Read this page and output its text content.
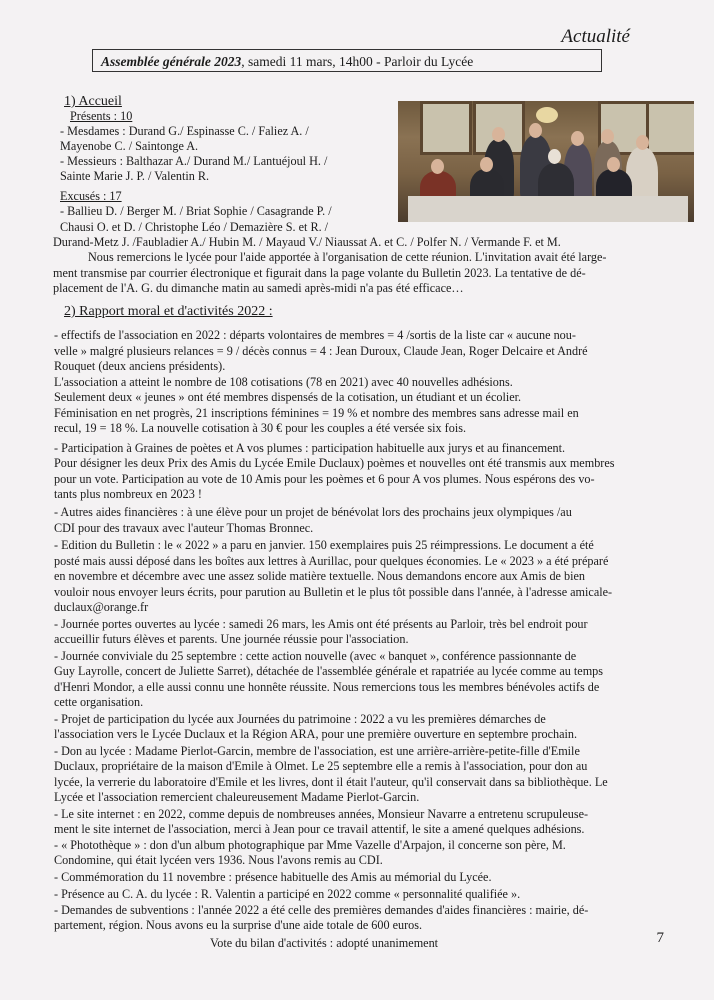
Actualité
Assemblée générale 2023, samedi 11 mars, 14h00 - Parloir du Lycée
1) Accueil
Présents : 10
- Mesdames : Durand G./ Espinasse C. / Faliez A. /
Mayenobe C. / Saintonge A.
- Messieurs : Balthazar A./ Durand M./ Lantuéjoul H. /
Sainte Marie J. P. / Valentin R.
Excusés : 17
- Ballieu D. / Berger M. / Briat Sophie / Casagrande P. /
Chausi O. et D. / Christophe Léo / Demazière S. et R. /
Durand-Metz J. /Faubladier A./ Hubin M. / Mayaud V./ Niaussat A. et C. / Polfer N. / Vermande F. et M.
Nous remercions le lycée pour l'aide apportée à l'organisation de cette réunion. L'invitation avait été large-
ment transmise par courrier électronique et figurait dans la page volante du Bulletin 2023. La tentative de dé-
placement de l'A. G. du dimanche matin au samedi après-midi n'a pas été efficace…
2) Rapport moral et d'activités 2022 :
- effectifs de l'association en 2022 : départs volontaires de membres = 4 /sortis de la liste car « aucune nou-
velle » malgré plusieurs relances = 9 / décès connus = 4 : Jean Duroux, Claude Jean, Roger Delcaire et André
Rouquet (deux anciens présidents).
L'association a atteint le nombre de 108 cotisations (78 en 2021) avec 40 nouvelles adhésions.
Seulement deux « jeunes » ont été membres dispensés de la cotisation, un étudiant et un écolier.
Féminisation en net progrès, 21 inscriptions féminines = 19 % et nombre des membres sans adresse mail en
recul, 19 = 18 %. La nouvelle cotisation à 30 € pour les couples a été versée six fois.
- Participation à Graines de poètes et A vos plumes : participation habituelle aux jurys et au financement.
Pour désigner les deux Prix des Amis du Lycée Emile Duclaux) poèmes et nouvelles ont été transmis aux membres
pour un vote. Participation au vote de 10 Amis pour les poèmes et 6 pour A vos plumes. Nous espérons des vo-
tants plus nombreux en 2023 !
- Autres aides financières : à une élève pour un projet de bénévolat lors des prochains jeux olympiques /au
CDI pour des travaux avec l'auteur Thomas Bronnec.
- Edition du Bulletin : le « 2022 » a paru en janvier. 150 exemplaires puis 25 réimpressions. Le document a été
posté mais aussi déposé dans les boîtes aux lettres à Aurillac, pour quelques économies. Le « 2023 » a été préparé
en novembre et décembre avec une assez solide matière textuelle. Nous demandons encore aux Amis de bien
vouloir nous envoyer leurs écrits, pour parution au Bulletin et le plus tôt possible dans l'année, à l'adresse amicale-
duclaux@orange.fr
- Journée portes ouvertes au lycée : samedi 26 mars, les Amis ont été présents au Parloir, très bel endroit pour
accueillir futurs élèves et parents. Une journée réussie pour l'association.
- Journée conviviale du 25 septembre : cette action nouvelle (avec « banquet », conférence passionnante de
Guy Layrolle, concert de Juliette Sarret), détachée de l'assemblée générale et rapatriée au lycée comme au temps
d'Henri Mondor, a elle aussi connu une honnête réussite. Nous remercions tous les membres bénévoles actifs de
cette organisation.
- Projet de participation du lycée aux Journées du patrimoine : 2022 a vu les premières démarches de
l'association vers le Lycée Duclaux et la Région ARA, pour une première ouverture en septembre prochain.
- Don au lycée : Madame Pierlot-Garcin, membre de l'association, est une arrière-arrière-petite-fille d'Emile
Duclaux, propriétaire de la maison d'Emile à Olmet. Le 25 septembre elle a remis à l'association, pour don au
lycée, la verrerie du laboratoire d'Emile et les livres, dont il était l'auteur, qu'il conservait dans sa bibliothèque. Le
Lycée et l'association remercient chaleureusement Madame Pierlot-Garcin.
- Le site internet : en 2022, comme depuis de nombreuses années, Monsieur Navarre a entretenu scrupuleuse-
ment le site internet de l'association, merci à Jean pour ce travail attentif, le site a amené quelques adhésions.
- « Photothèque » : don d'un album photographique par Mme Vazelle d'Arpajon, il concerne son père, M.
Condomine, qui était lycéen vers 1936. Nous l'avons remis au CDI.
- Commémoration du 11 novembre : présence habituelle des Amis au mémorial du Lycée.
- Présence au C. A. du lycée : R. Valentin a participé en 2022 comme « personnalité qualifiée ».
- Demandes de subventions : l'année 2022 a été celle des premières demandes d'aides financières : mairie, dé-
partement, région. Nous avons eu la surprise d'une aide totale de 600 euros.
Vote du bilan d'activités : adopté unanimement	7
